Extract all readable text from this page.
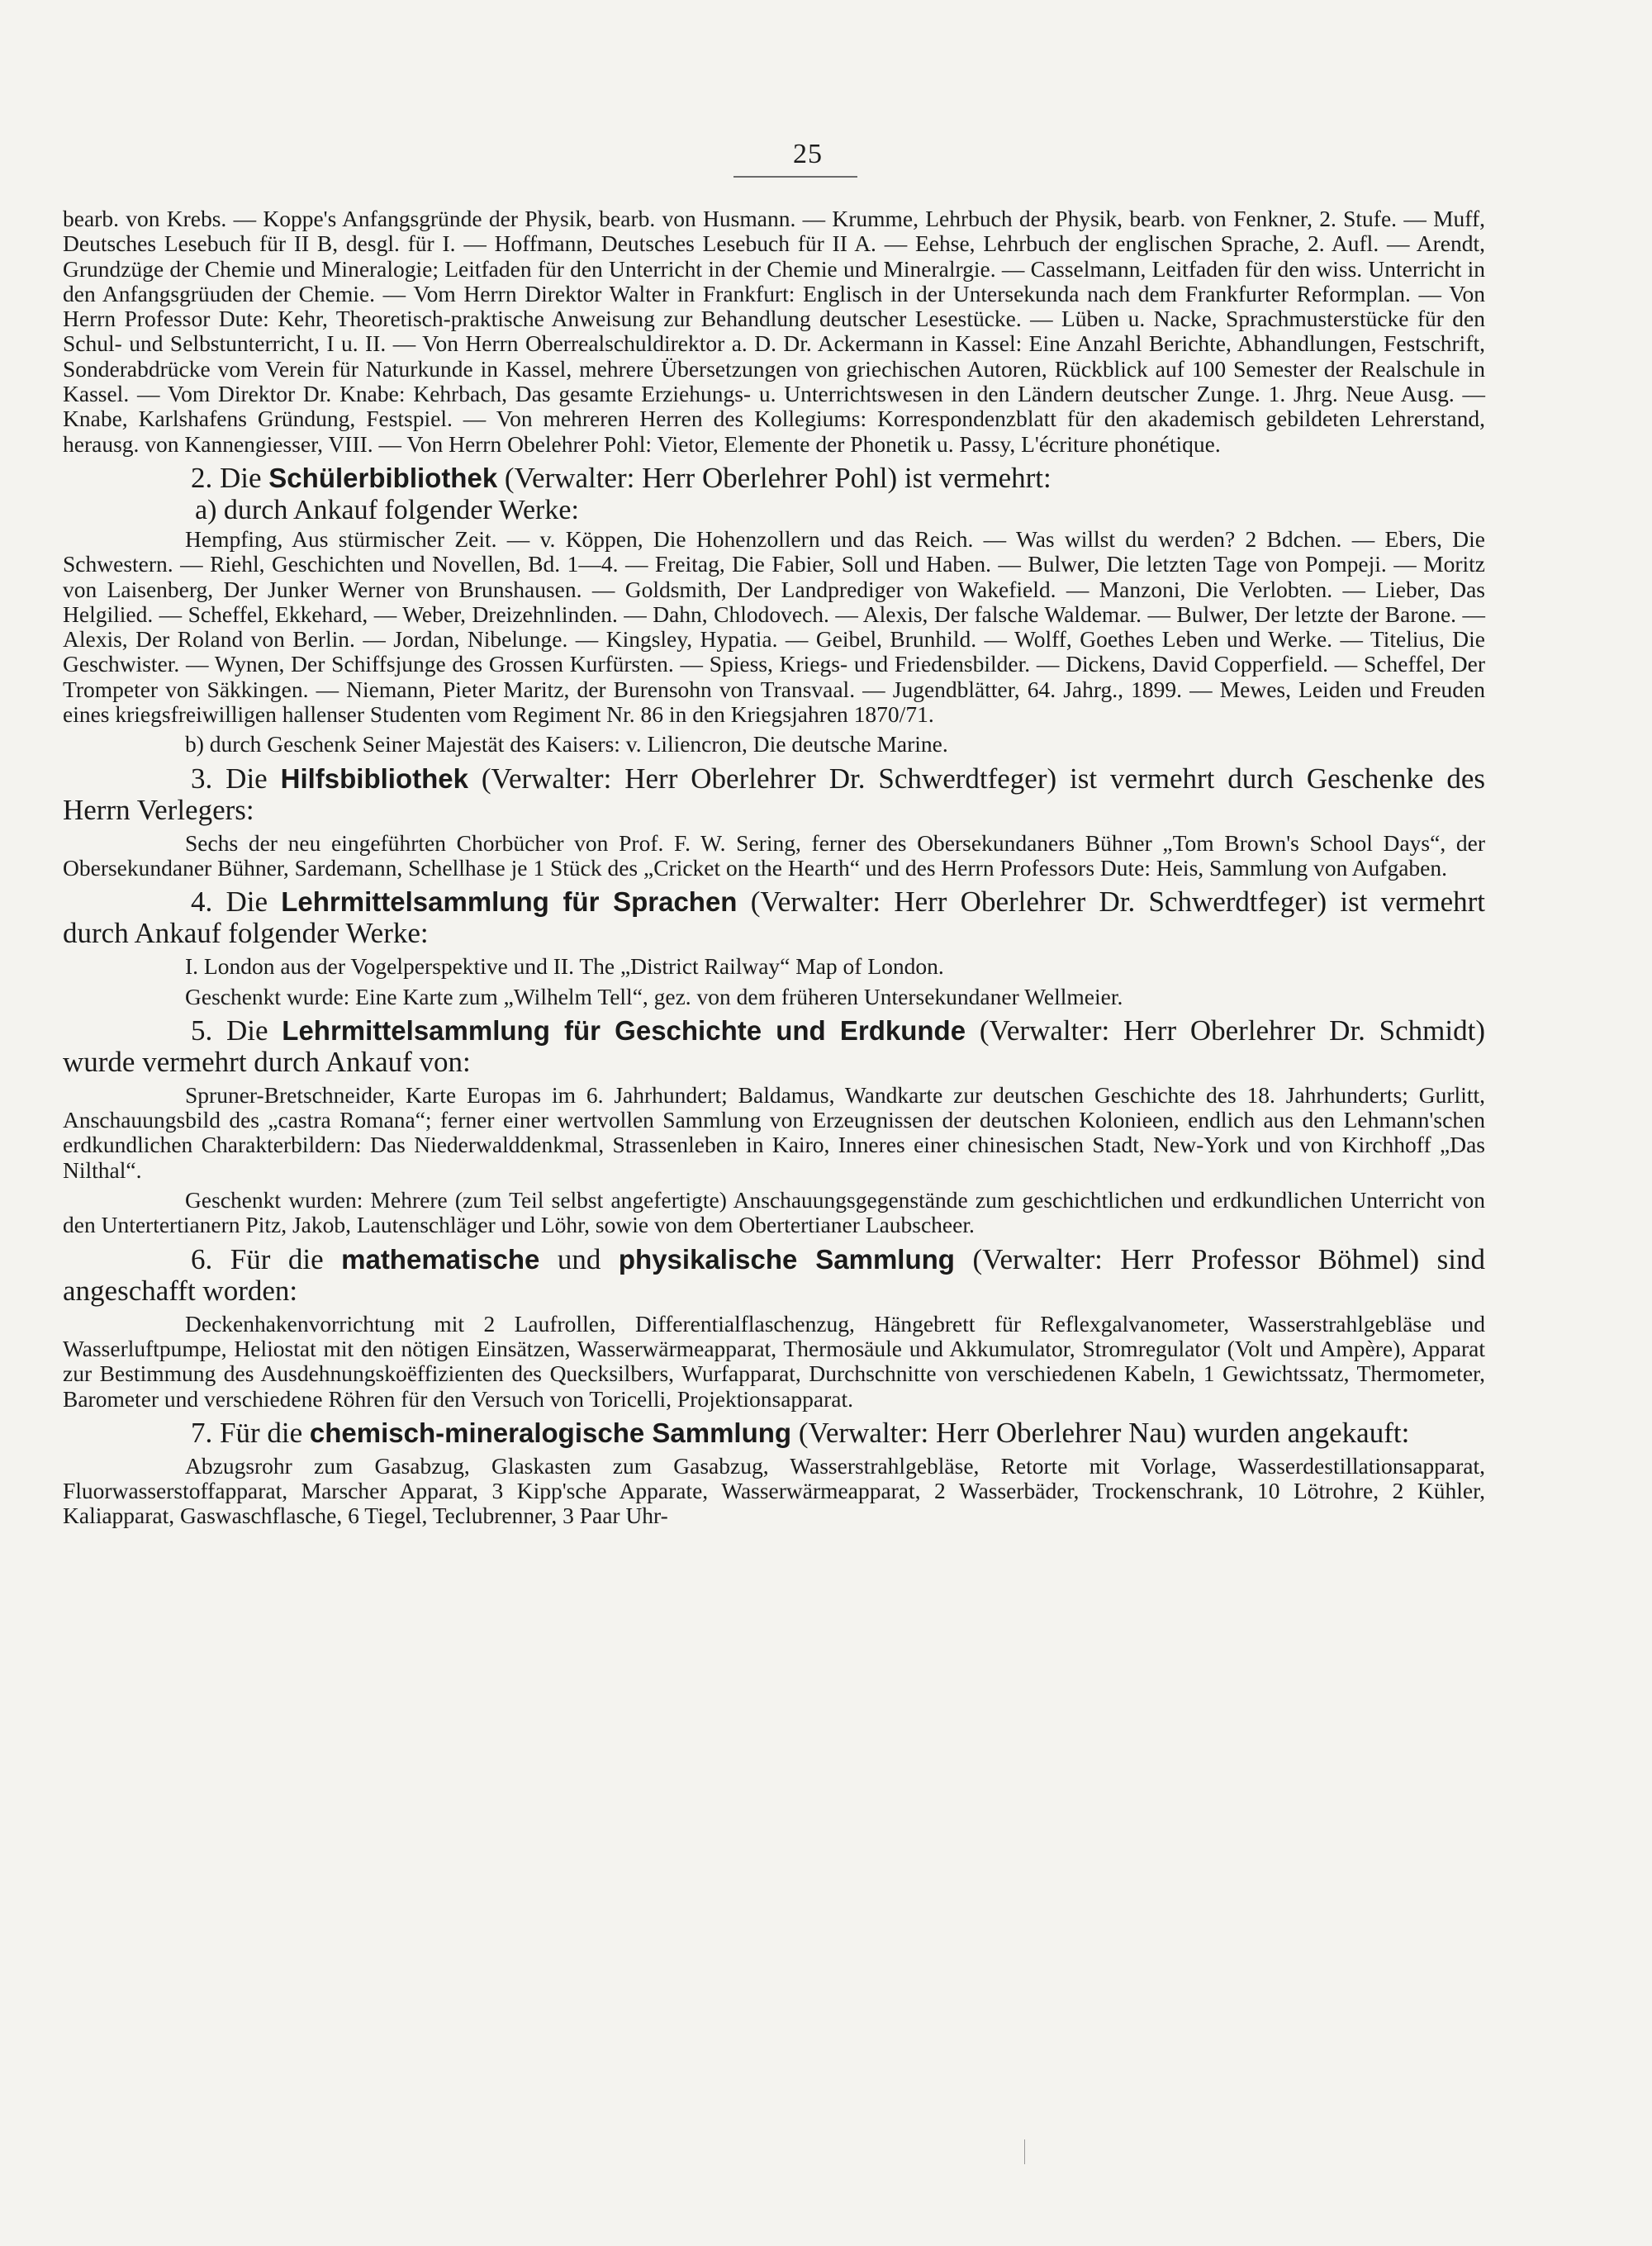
25

bearb. von Krebs. — Koppe's Anfangsgründe der Physik, bearb. von Husmann. — Krumme, Lehrbuch der Physik, bearb. von Fenkner, 2. Stufe. — Muff, Deutsches Lesebuch für II B, desgl. für I. — Hoffmann, Deutsches Lesebuch für II A. — Eehse, Lehrbuch der englischen Sprache, 2. Aufl. — Arendt, Grundzüge der Chemie und Mineralogie; Leitfaden für den Unterricht in der Chemie und Mineralrgie. — Casselmann, Leitfaden für den wiss. Unterricht in den Anfangsgrüuden der Chemie. — Vom Herrn Direktor Walter in Frankfurt: Englisch in der Untersekunda nach dem Frankfurter Reformplan. — Von Herrn Professor Dute: Kehr, Theoretisch-praktische Anweisung zur Behandlung deutscher Lesestücke. — Lüben u. Nacke, Sprachmusterstücke für den Schul- und Selbstunterricht, I u. II. — Von Herrn Oberrealschuldirektor a. D. Dr. Ackermann in Kassel: Eine Anzahl Berichte, Abhandlungen, Festschrift, Sonderabdrücke vom Verein für Naturkunde in Kassel, mehrere Übersetzungen von griechischen Autoren, Rückblick auf 100 Semester der Realschule in Kassel. — Vom Direktor Dr. Knabe: Kehrbach, Das gesamte Erziehungs- u. Unterrichtswesen in den Ländern deutscher Zunge. 1. Jhrg. Neue Ausg. — Knabe, Karlshafens Gründung, Festspiel. — Von mehreren Herren des Kollegiums: Korrespondenzblatt für den akademisch gebildeten Lehrerstand, herausg. von Kannengiesser, VIII. — Von Herrn Obelehrer Pohl: Vietor, Elemente der Phonetik u. Passy, L'écriture phonétique.

2. Die Schülerbibliothek (Verwalter: Herr Oberlehrer Pohl) ist vermehrt:

a) durch Ankauf folgender Werke:

Hempfing, Aus stürmischer Zeit. — v. Köppen, Die Hohenzollern und das Reich. — Was willst du werden? 2 Bdchen. — Ebers, Die Schwestern. — Riehl, Geschichten und Novellen, Bd. 1—4. — Freitag, Die Fabier, Soll und Haben. — Bulwer, Die letzten Tage von Pompeji. — Moritz von Laisenberg, Der Junker Werner von Brunshausen. — Goldsmith, Der Landprediger von Wakefield. — Manzoni, Die Verlobten. — Lieber, Das Helgilied. — Scheffel, Ekkehard, — Weber, Dreizehnlinden. — Dahn, Chlodovech. — Alexis, Der falsche Waldemar. — Bulwer, Der letzte der Barone. — Alexis, Der Roland von Berlin. — Jordan, Nibelunge. — Kingsley, Hypatia. — Geibel, Brunhild. — Wolff, Goethes Leben und Werke. — Titelius, Die Geschwister. — Wynen, Der Schiffsjunge des Grossen Kurfürsten. — Spiess, Kriegs- und Friedensbilder. — Dickens, David Copperfield. — Scheffel, Der Trompeter von Säkkingen. — Niemann, Pieter Maritz, der Burensohn von Transvaal. — Jugendblätter, 64. Jahrg., 1899. — Mewes, Leiden und Freuden eines kriegsfreiwilligen hallenser Studenten vom Regiment Nr. 86 in den Kriegsjahren 1870/71.

b) durch Geschenk Seiner Majestät des Kaisers: v. Liliencron, Die deutsche Marine.

3. Die Hilfsbibliothek (Verwalter: Herr Oberlehrer Dr. Schwerdtfeger) ist vermehrt durch Geschenke des Herrn Verlegers:

Sechs der neu eingeführten Chorbücher von Prof. F. W. Sering, ferner des Obersekundaners Bühner „Tom Brown's School Days“, der Obersekundaner Bühner, Sardemann, Schellhase je 1 Stück des „Cricket on the Hearth“ und des Herrn Professors Dute: Heis, Sammlung von Aufgaben.

4. Die Lehrmittelsammlung für Sprachen (Verwalter: Herr Oberlehrer Dr. Schwerdtfeger) ist vermehrt durch Ankauf folgender Werke:

I. London aus der Vogelperspektive und II. The „District Railway“ Map of London.

Geschenkt wurde: Eine Karte zum „Wilhelm Tell“, gez. von dem früheren Untersekundaner Wellmeier.

5. Die Lehrmittelsammlung für Geschichte und Erdkunde (Verwalter: Herr Oberlehrer Dr. Schmidt) wurde vermehrt durch Ankauf von:

Spruner-Bretschneider, Karte Europas im 6. Jahrhundert; Baldamus, Wandkarte zur deutschen Geschichte des 18. Jahrhunderts; Gurlitt, Anschauungsbild des „castra Romana“; ferner einer wertvollen Sammlung von Erzeugnissen der deutschen Kolonieen, endlich aus den Lehmann'schen erdkundlichen Charakterbildern: Das Niederwalddenkmal, Strassenleben in Kairo, Inneres einer chinesischen Stadt, New-York und von Kirchhoff „Das Nilthal“.

Geschenkt wurden: Mehrere (zum Teil selbst angefertigte) Anschauungsgegenstände zum geschichtlichen und erdkundlichen Unterricht von den Untertertianern Pitz, Jakob, Lautenschläger und Löhr, sowie von dem Obertertianer Laubscheer.

6. Für die mathematische und physikalische Sammlung (Verwalter: Herr Professor Böhmel) sind angeschafft worden:

Deckenhakenvorrichtung mit 2 Laufrollen, Differentialflaschenzug, Hängebrett für Reflexgalvanometer, Wasserstrahlgebläse und Wasserluftpumpe, Heliostat mit den nötigen Einsätzen, Wasserwärmeapparat, Thermosäule und Akkumulator, Stromregulator (Volt und Ampère), Apparat zur Bestimmung des Ausdehnungskoëffizienten des Quecksilbers, Wurfapparat, Durchschnitte von verschiedenen Kabeln, 1 Gewichtssatz, Thermometer, Barometer und verschiedene Röhren für den Versuch von Toricelli, Projektionsapparat.

7. Für die chemisch-mineralogische Sammlung (Verwalter: Herr Oberlehrer Nau) wurden angekauft:

Abzugsrohr zum Gasabzug, Glaskasten zum Gasabzug, Wasserstrahlgebläse, Retorte mit Vorlage, Wasserdestillationsapparat, Fluorwasserstoffapparat, Marscher Apparat, 3 Kipp'sche Apparate, Wasserwärmeapparat, 2 Wasserbäder, Trockenschrank, 10 Lötrohre, 2 Kühler, Kaliapparat, Gaswaschflasche, 6 Tiegel, Teclubrenner, 3 Paar Uhr-
